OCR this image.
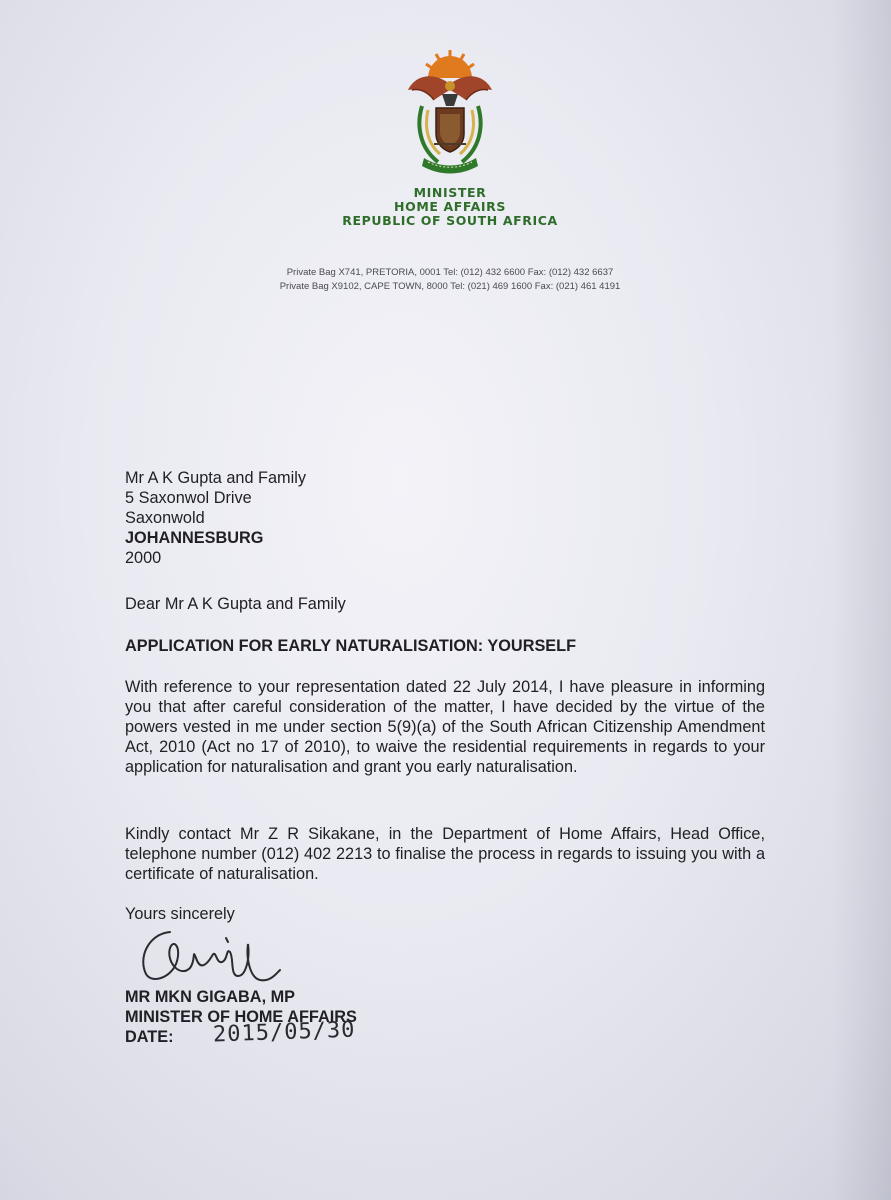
MINISTER
HOME AFFAIRS
REPUBLIC OF SOUTH AFRICA
Private Bag X741, PRETORIA, 0001 Tel: (012) 432 6600 Fax: (012) 432 6637
Private Bag X9102, CAPE TOWN, 8000 Tel: (021) 469 1600 Fax: (021) 461 4191
Mr A K Gupta and Family
5 Saxonwol Drive
Saxonwold
JOHANNESBURG
2000
Dear Mr A K Gupta and Family
APPLICATION FOR EARLY NATURALISATION: YOURSELF
With reference to your representation dated 22 July 2014, I have pleasure in informing you that after careful consideration of the matter, I have decided by the virtue of the powers vested in me under section 5(9)(a) of the South African Citizenship Amendment Act, 2010 (Act no 17 of 2010), to waive the residential requirements in regards to your application for naturalisation and grant you early naturalisation.
Kindly contact Mr Z R Sikakane, in the Department of Home Affairs, Head Office, telephone number (012) 402 2213 to finalise the process in regards to issuing you with a certificate of naturalisation.
Yours sincerely
MR MKN GIGABA, MP
MINISTER OF HOME AFFAIRS
DATE:	2015/05/30
